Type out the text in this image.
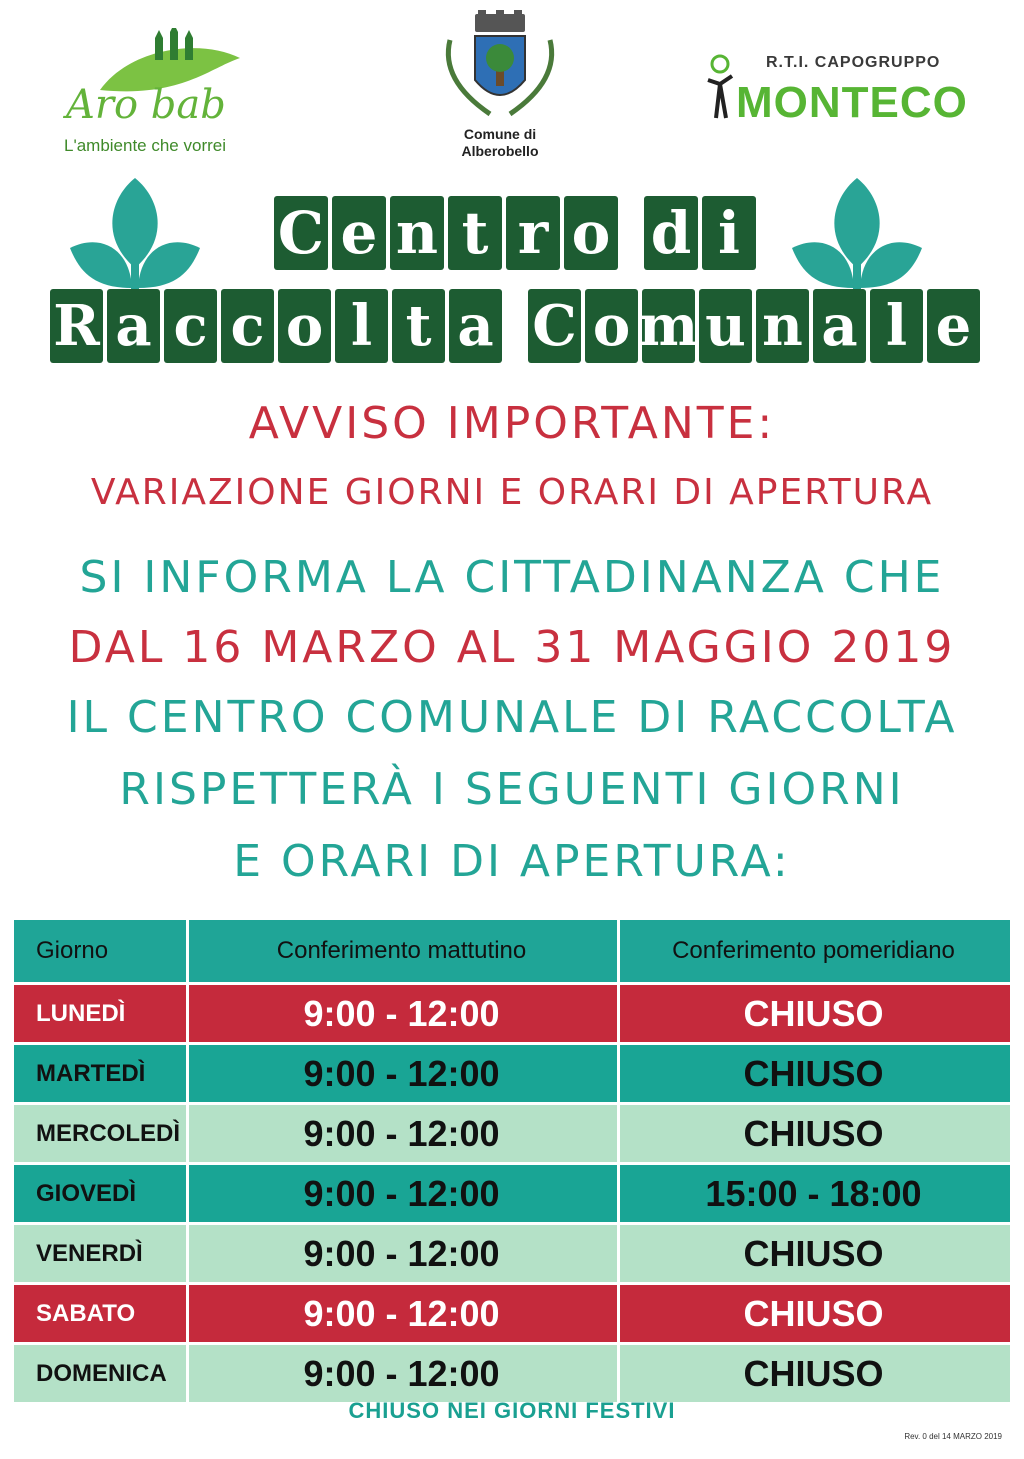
Aro bab
L'ambiente che vorrei
Comune di
Alberobello
R.T.I. CAPOGRUPPO
MONTECO
C e n t r o d i
R a c c o l t a C o m u n a l e
AVVISO IMPORTANTE:
VARIAZIONE GIORNI E ORARI DI APERTURA
SI INFORMA LA CITTADINANZA CHE
DAL 16 MARZO AL 31 MAGGIO 2019
IL CENTRO COMUNALE DI RACCOLTA
RISPETTERÀ I SEGUENTI GIORNI
E ORARI DI APERTURA:
Giorno	Conferimento mattutino	Conferimento pomeridiano
LUNEDÌ	9:00 - 12:00	CHIUSO
MARTEDÌ	9:00 - 12:00	CHIUSO
MERCOLEDÌ	9:00 - 12:00	CHIUSO
GIOVEDÌ	9:00 - 12:00	15:00 - 18:00
VENERDÌ	9:00 - 12:00	CHIUSO
SABATO	9:00 - 12:00	CHIUSO
DOMENICA	9:00 - 12:00	CHIUSO
CHIUSO NEI GIORNI FESTIVI
Rev. 0 del 14 MARZO 2019
